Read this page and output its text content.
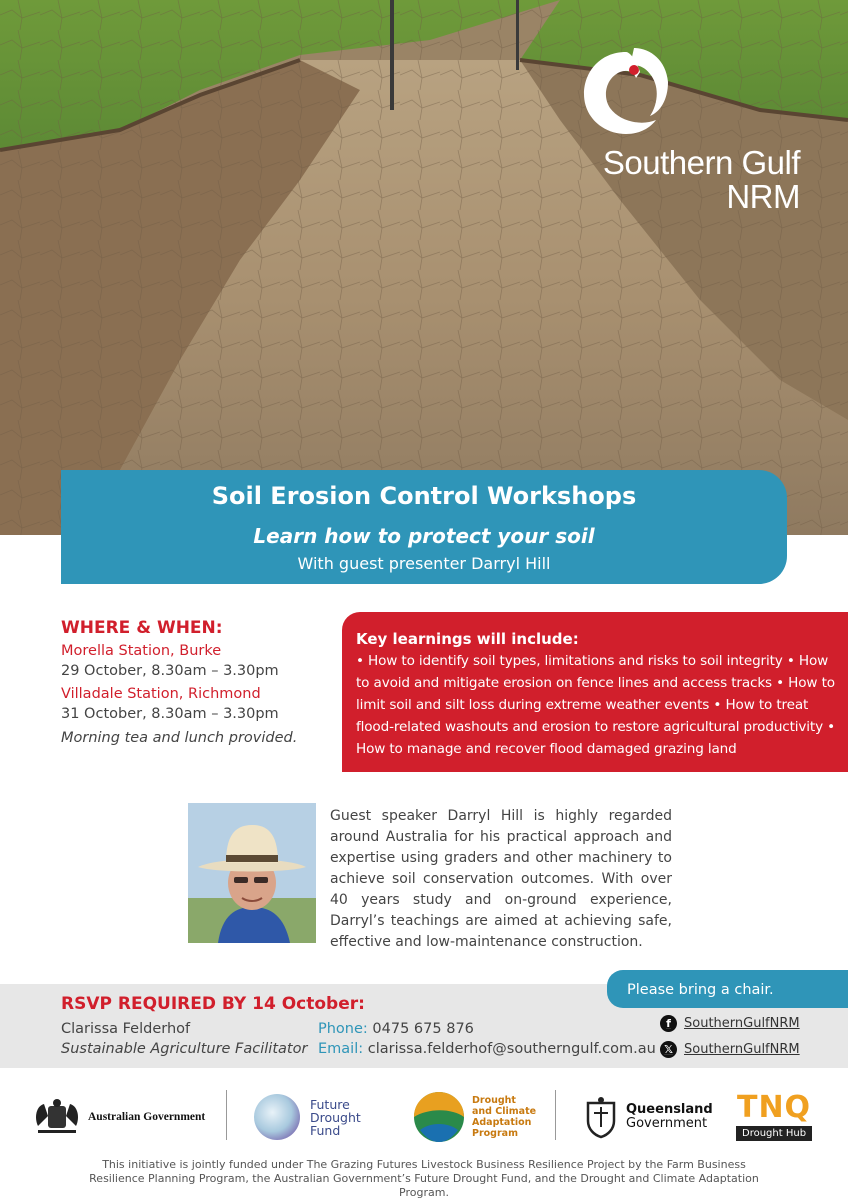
Southern Gulf
NRM
Soil Erosion Control Workshops
Learn how to protect your soil
With guest presenter Darryl Hill
WHERE & WHEN:
Morella Station, Burke
29 October, 8.30am – 3.30pm
Villadale Station, Richmond
31 October, 8.30am – 3.30pm
Morning tea and lunch provided.
Key learnings will include:
• How to identify soil types, limitations and risks to soil integrity • How to avoid and mitigate erosion on fence lines and access tracks • How to limit soil and silt loss during extreme weather events • How to treat flood-related washouts and erosion to restore agricultural productivity • How to manage and recover flood damaged grazing land
Guest speaker Darryl Hill is highly regarded around Australia for his practical approach and expertise using graders and other machinery to achieve soil conservation outcomes. With over 40 years study and on-ground experience, Darryl’s teachings are aimed at achieving safe, effective and low-maintenance construction.
Please bring a chair.
RSVP REQUIRED BY 14 October:
Clarissa Felderhof
Sustainable Agriculture Facilitator
Phone: 0475 675 876
Email: clarissa.felderhof@southerngulf.com.au
f	SouthernGulfNRM
𝕏 SouthernGulfNRM
Australian Government
Future
Drought
Fund
Drought
and Climate
Adaptation
Program
Queensland
Government TNQ
Drought Hub
This initiative is jointly funded under The Grazing Futures Livestock Business Resilience Project by the Farm Business Resilience Planning Program, the Australian Government’s Future Drought Fund, and the Drought and Climate Adaptation Program.
